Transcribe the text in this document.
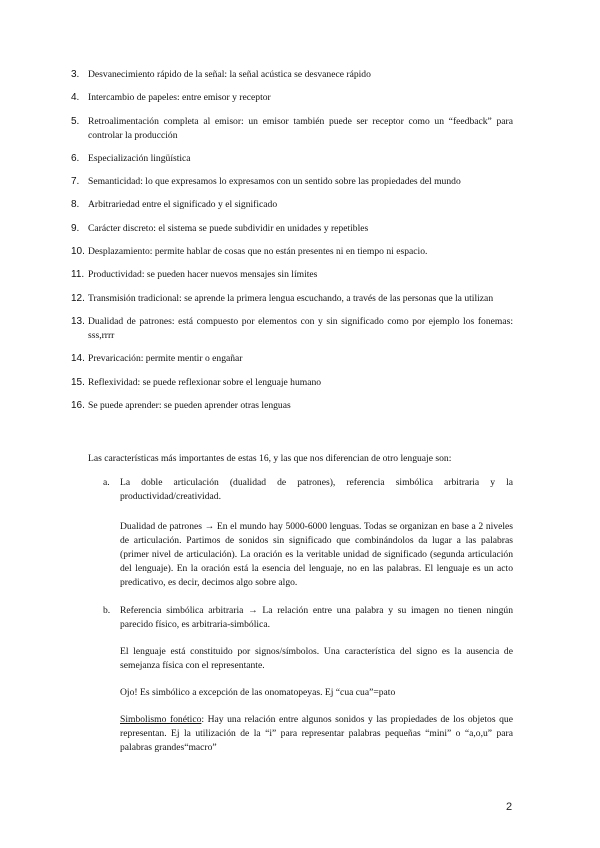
3. Desvanecimiento rápido de la señal: la señal acústica se desvanece rápido
4. Intercambio de papeles: entre emisor y receptor
5. Retroalimentación completa al emisor: un emisor también puede ser receptor como un “feedback” para controlar la producción
6. Especialización lingüística
7. Semanticidad: lo que expresamos lo expresamos con un sentido sobre las propiedades del mundo
8. Arbitrariedad entre el significado y el significado
9. Carácter discreto: el sistema se puede subdividir en unidades y repetibles
10. Desplazamiento: permite hablar de cosas que no están presentes ni en tiempo ni espacio.
11. Productividad: se pueden hacer nuevos mensajes sin límites
12. Transmisión tradicional: se aprende la primera lengua escuchando, a través de las personas que la utilizan
13. Dualidad de patrones: está compuesto por elementos con y sin significado como por ejemplo los fonemas: sss,rrrr
14. Prevaricación: permite mentir o engañar
15. Reflexividad: se puede reflexionar sobre el lenguaje humano
16. Se puede aprender: se pueden aprender otras lenguas
Las características más importantes de estas 16, y las que nos diferencian de otro lenguaje son:
a. La doble articulación (dualidad de patrones), referencia simbólica arbitraria y la productividad/creatividad.
Dualidad de patrones → En el mundo hay 5000-6000 lenguas. Todas se organizan en base a 2 niveles de articulación. Partimos de sonidos sin significado que combinándolos da lugar a las palabras (primer nivel de articulación). La oración es la veritable unidad de significado (segunda articulación del lenguaje). En la oración está la esencia del lenguaje, no en las palabras. El lenguaje es un acto predicativo, es decir, decimos algo sobre algo.
b. Referencia simbólica arbitraria → La relación entre una palabra y su imagen no tienen ningún parecido físico, es arbitraria-simbólica.
El lenguaje está constituido por signos/símbolos. Una característica del signo es la ausencia de semejanza física con el representante.
Ojo! Es simbólico a excepción de las onomatopeyas. Ej “cua cua”=pato
Simbolismo fonético: Hay una relación entre algunos sonidos y las propiedades de los objetos que representan. Ej la utilización de la “i” para representar palabras pequeñas “mini” o “a,o,u” para palabras grandes“macro”
2
